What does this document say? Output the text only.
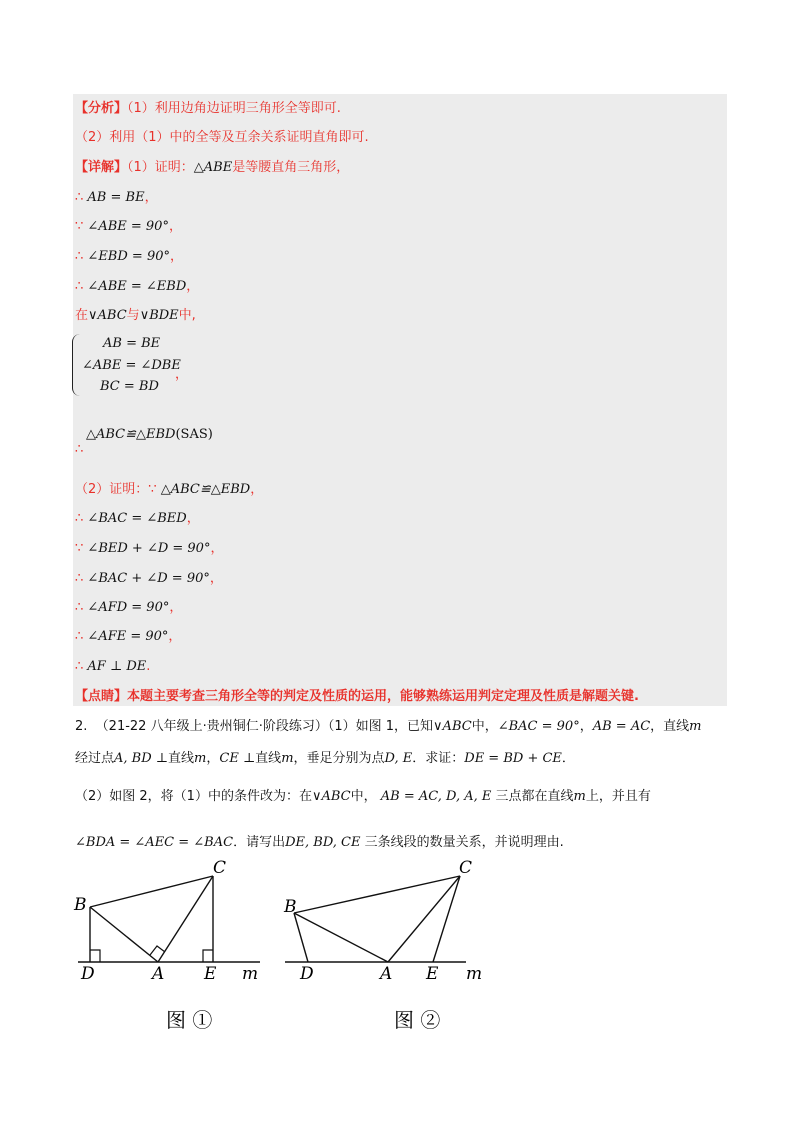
【分析】（1）利用边角边证明三角形全等即可.
（2）利用（1）中的全等及互余关系证明直角即可.
【详解】（1）证明：△ABE是等腰直角三角形，
∴ AB = BE，
∵ ∠ABE = 90°，
∴ ∠EBD = 90°，
∴ ∠ABE = ∠EBD，
在∨ABC与∨BDE中,
AB = BE
∠ABE = ∠DBE
BC = BD
，
△ABC≌△EBD(SAS)
∴
（2）证明：∵ △ABC≌△EBD，
∴ ∠BAC = ∠BED，
∵ ∠BED + ∠D = 90°，
∴ ∠BAC + ∠D = 90°，
∴ ∠AFD = 90°，
∴ ∠AFE = 90°，
∴ AF ⊥ DE.
【点睛】本题主要考查三角形全等的判定及性质的运用，能够熟练运用判定定理及性质是解题关键.
2. （21-22 八年级上·贵州铜仁·阶段练习）（1）如图 1，已知∨ABC中，∠BAC = 90°，AB = AC，直线m
经过点A, BD ⊥直线m，CE ⊥直线m，垂足分别为点D, E．求证：DE = BD + CE．
（2）如图 2，将（1）中的条件改为：在∨ABC中， AB = AC, D, A, E 三点都在直线m上，并且有
∠BDA = ∠AEC = ∠BAC．请写出DE, BD, CE 三条线段的数量关系，并说明理由.
B
C
D	A E m
图 ①
B
C
D	A E m
图 ②
